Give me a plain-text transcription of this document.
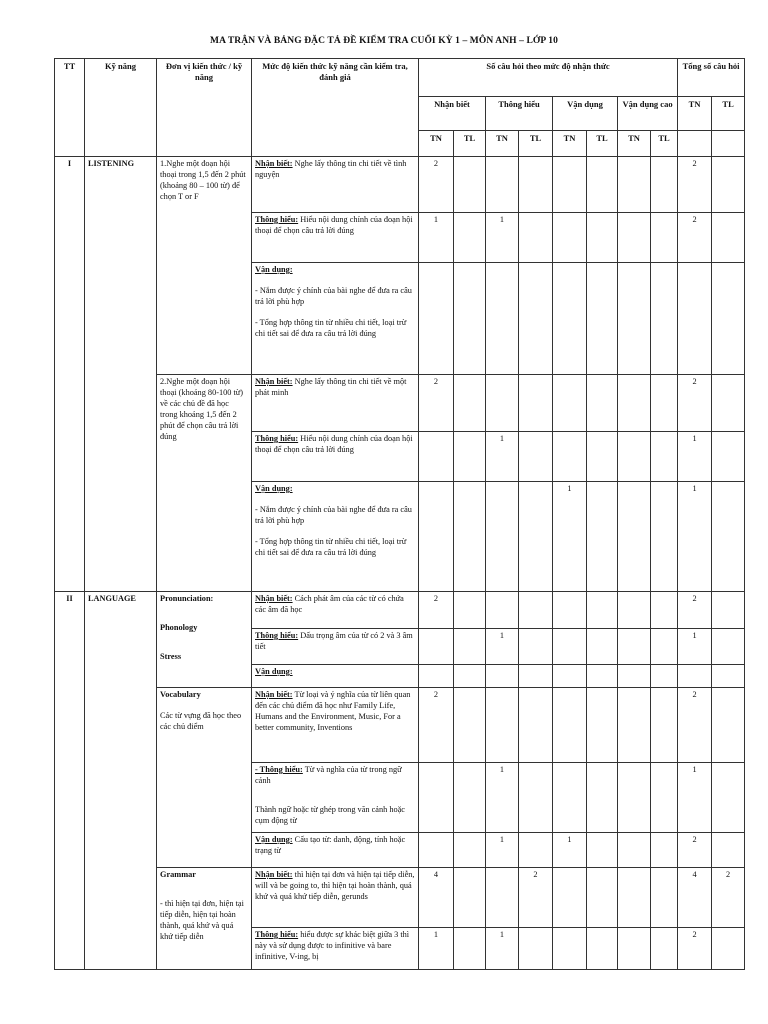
MA TRẬN VÀ BẢNG ĐẶC TẢ ĐỀ KIỂM TRA CUỐI KỲ 1 – MÔN ANH – LỚP 10
TT	Kỹ năng	Đơn vị kiến thức / kỹ năng	Mức độ kiến thức kỹ năng cần kiểm tra, đánh giá	Số câu hỏi theo mức độ nhận thức								Tổng số câu hỏi	
				Nhận biết		Thông hiểu		Vận dụng		Vận dụng cao		TN	TL
				TN	TL	TN	TL	TN	TL	TN	TL		
I	LISTENING	1.Nghe một đoạn hội thoại trong 1,5 đến 2 phút (khoảng 80 – 100 từ) để chọn T or F	Nhận biết: Nghe lấy thông tin chi tiết về tình nguyện	2								2	
			Thông hiểu: Hiểu nội dung chính của đoạn hội thoại để chọn câu trả lời đúng	1		1						2	
			Vận dụng:
- Nắm được ý chính của bài nghe để đưa ra câu trả lời phù hợp
- Tổng hợp thông tin từ nhiều chi tiết, loại trừ chi tiết sai để đưa ra câu trả lời đúng										
		2.Nghe một đoạn hội thoại (khoảng 80-100 từ) về các chủ đề đã học trong khoảng 1,5 đến 2 phút để chọn câu trả lời đúng	Nhận biết: Nghe lấy thông tin chi tiết về một phát minh	2								2	
			Thông hiểu: Hiểu nội dung chính của đoạn hội thoại để chọn câu trả lời đúng			1						1	
			Vận dụng:
- Nắm được ý chính của bài nghe để đưa ra câu trả lời phù hợp
- Tổng hợp thông tin từ nhiều chi tiết, loại trừ chi tiết sai để đưa ra câu trả lời đúng					1				1	
II	LANGUAGE	Pronunciation:
Phonology
Stress	Nhận biết: Cách phát âm của các từ có chứa các âm đã học	2								2	
			Thông hiểu: Dấu trọng âm của từ có 2 và 3 âm tiết			1						1	
			Vận dụng:										
		Vocabulary
Các từ vựng đã học theo các chủ điểm	Nhận biết: Từ loại và ý nghĩa của từ liên quan đến các chủ điểm đã học như Family Life, Humans and the Environment, Music, For a better community, Inventions	2								2	
			- Thông hiểu: Từ và nghĩa của từ trong ngữ cảnh
Thành ngữ hoặc từ ghép trong văn cảnh hoặc cụm động từ			1						1	
			Vận dụng: Cấu tạo từ: danh, động, tính hoặc trạng từ			1		1				2	
		Grammar
- thì hiện tại đơn, hiện tại tiếp diễn, hiện tại hoàn thành, quá khứ và quá khứ tiếp diễn	Nhận biết: thì hiện tại đơn và hiện tại tiếp diễn, will và be going to, thì hiện tại hoàn thành, quá khứ và quá khứ tiếp diễn, gerunds	4			2					4	2
			Thông hiểu: hiểu được sự khác biệt giữa 3 thì này và sử dụng được to infinitive và bare infinitive, V-ing, bị	1		1						2	
